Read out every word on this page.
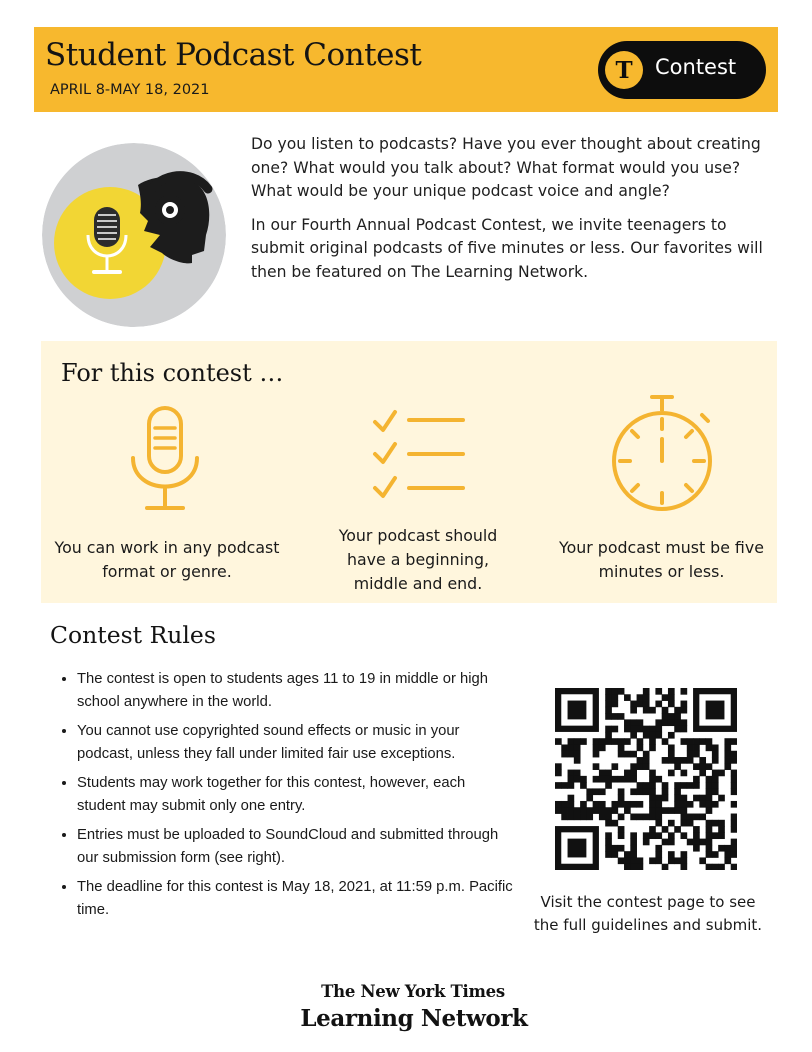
Student Podcast Contest
APRIL 8-MAY 18, 2021
T	Contest

Do you listen to podcasts? Have you ever thought about creating one? What would you talk about? What format would you use? What would be your unique podcast voice and angle?

In our Fourth Annual Podcast Contest, we invite teenagers to submit original podcasts of five minutes or less. Our favorites will then be featured on The Learning Network.

For this contest …
You can work in any podcast format or genre.
Your podcast should have a beginning, middle and end.
Your podcast must be five minutes or less.
Contest Rules
• The contest is open to students ages 11 to 19 in middle or high school anywhere in the world.
• You cannot use copyrighted sound effects or music in your podcast, unless they fall under limited fair use exceptions.
• Students may work together for this contest, however, each student may submit only one entry.
• Entries must be uploaded to SoundCloud and submitted through our submission form (see right).
• The deadline for this contest is May 18, 2021, at 11:59 p.m. Pacific time.	Visit the contest page to see the full guidelines and submit.
The New York Times
Learning Network
